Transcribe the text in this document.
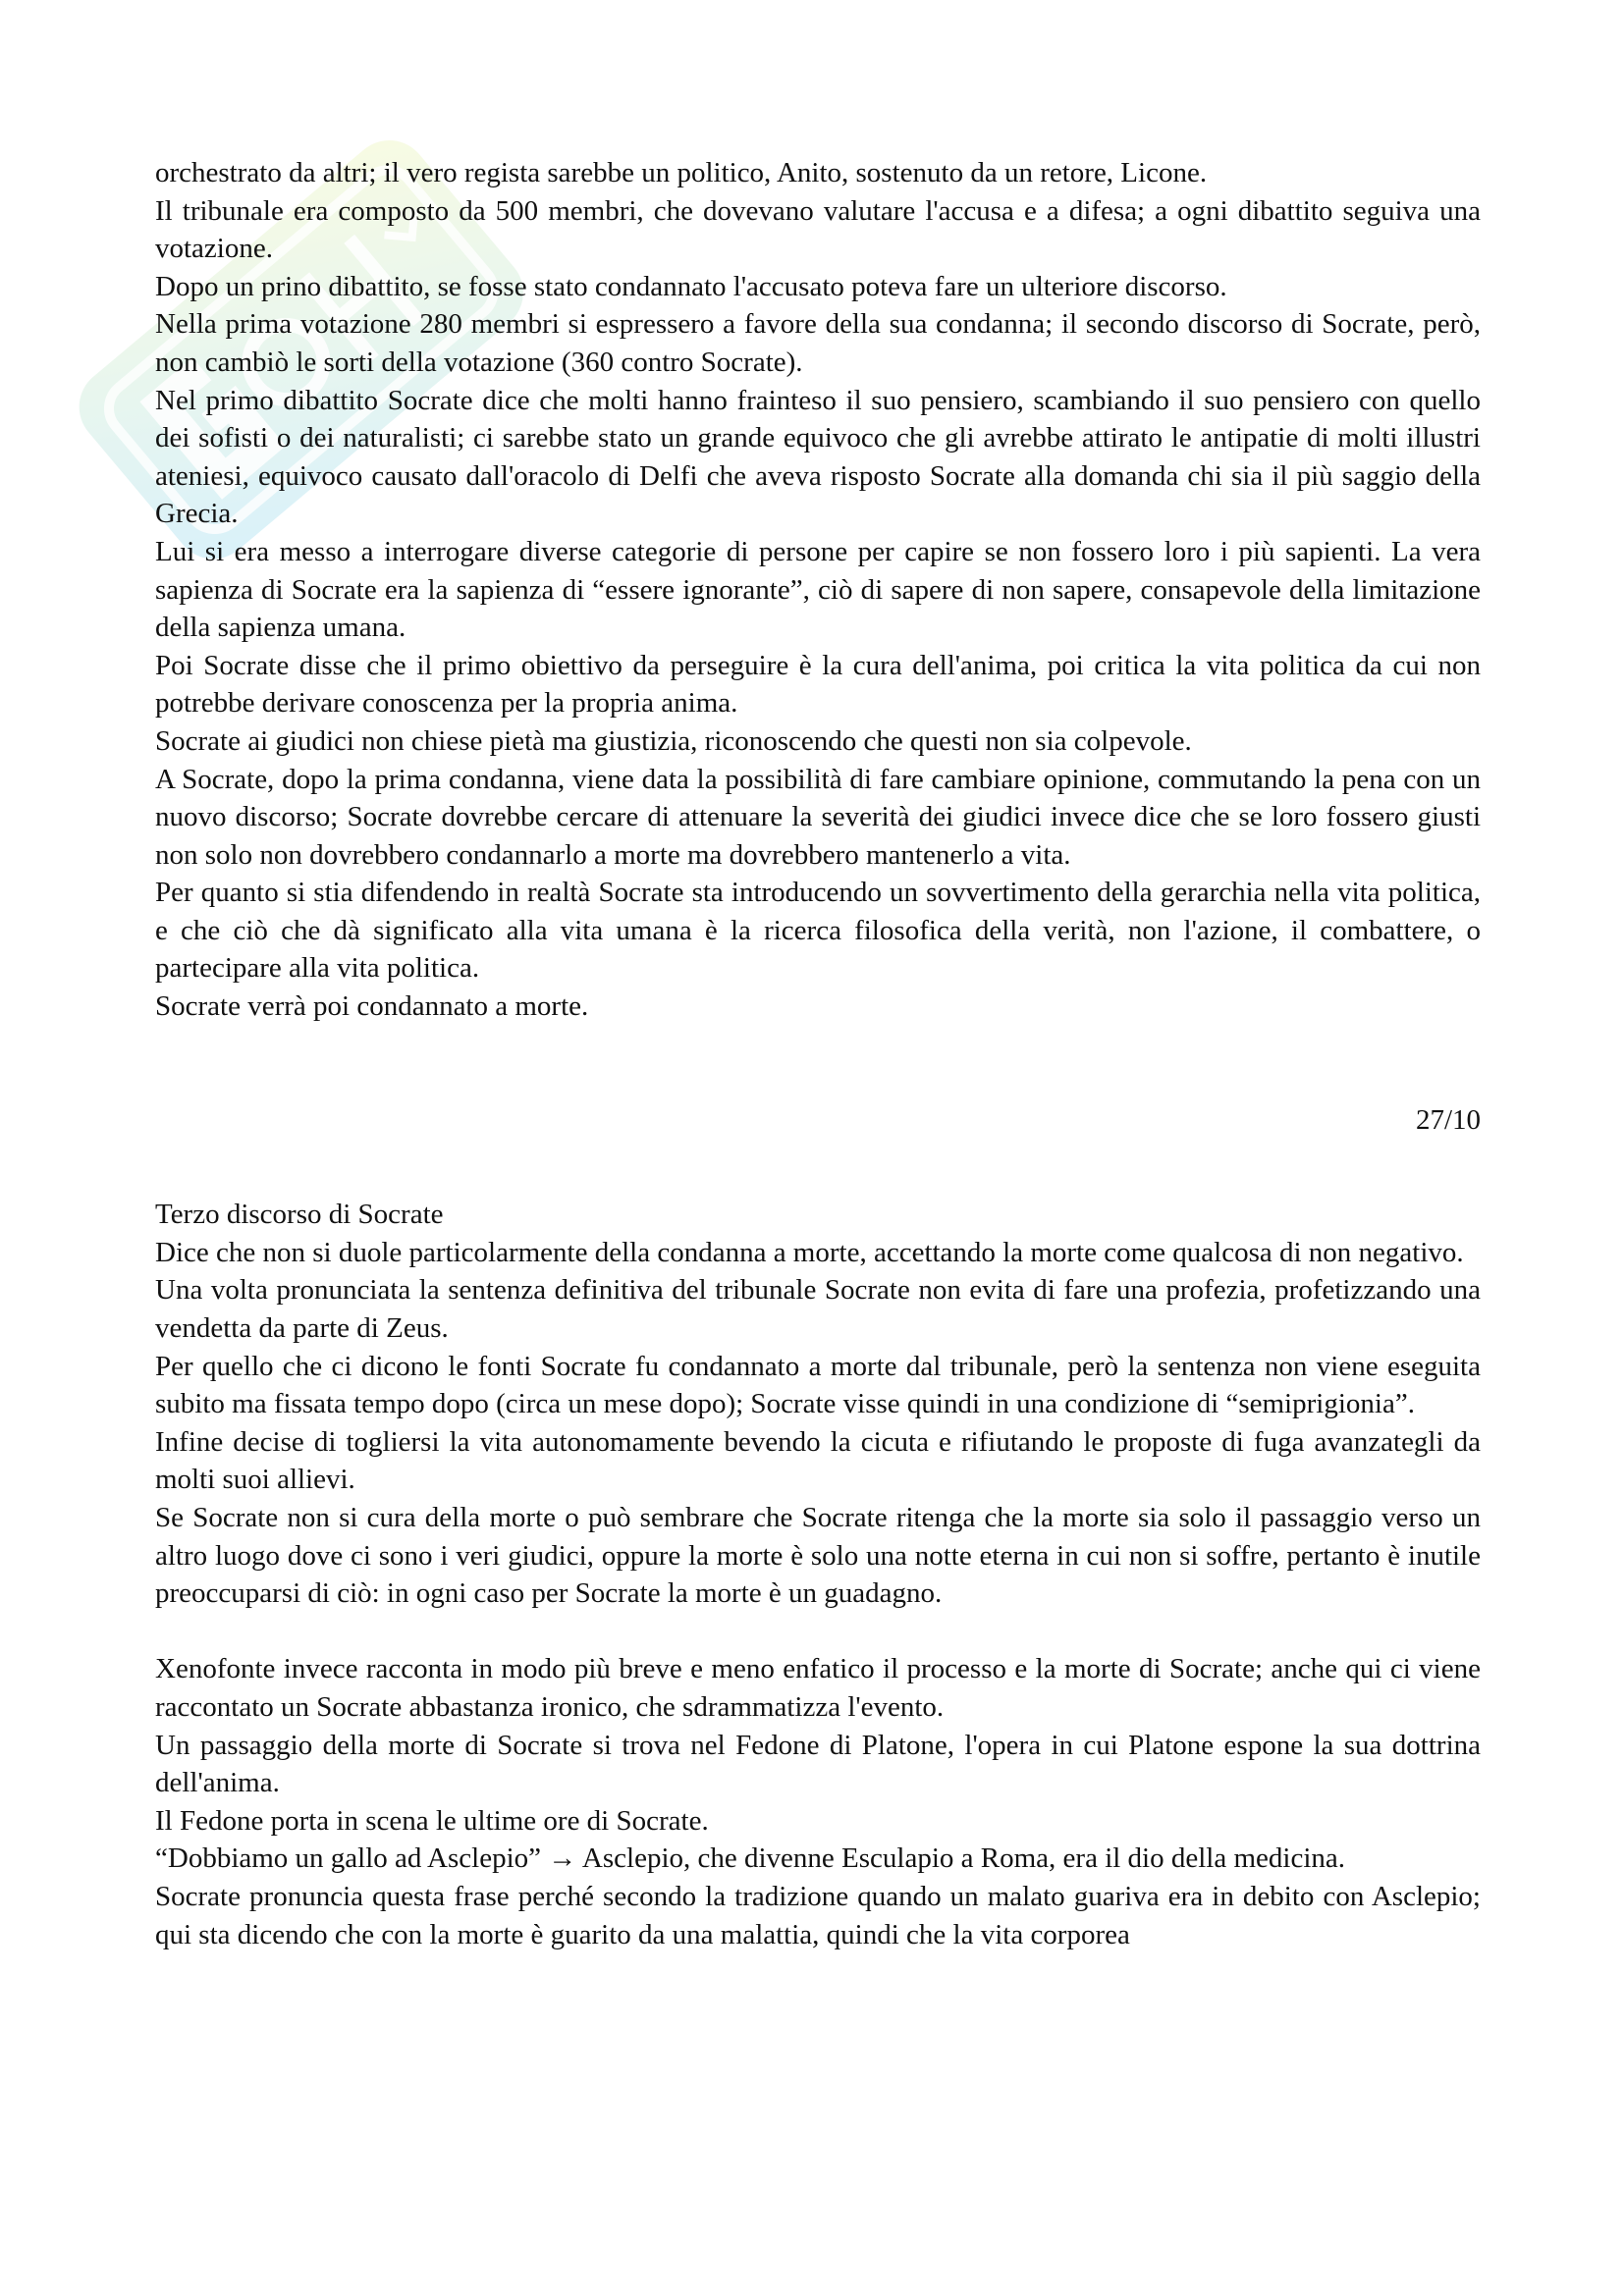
orchestrato da altri; il vero regista sarebbe un politico, Anito, sostenuto da un retore, Licone.

Il tribunale era composto da 500 membri, che dovevano valutare l'accusa e a difesa; a ogni dibattito seguiva una votazione.

Dopo un prino dibattito, se fosse stato condannato l'accusato poteva fare un ulteriore discorso.

Nella prima votazione 280 membri si espressero a favore della sua condanna; il secondo discorso di Socrate, però, non cambiò le sorti della votazione (360 contro Socrate).

Nel primo dibattito Socrate dice che molti hanno frainteso il suo pensiero, scambiando il suo pensiero con quello dei sofisti o dei naturalisti; ci sarebbe stato un grande equivoco che gli avrebbe attirato le antipatie di molti illustri ateniesi, equivoco causato dall'oracolo di Delfi che aveva risposto Socrate alla domanda chi sia il più saggio della Grecia.

Lui si era messo a interrogare diverse categorie di persone per capire se non fossero loro i più sapienti. La vera sapienza di Socrate era la sapienza di “essere ignorante”, ciò di sapere di non sapere, consapevole della limitazione della sapienza umana.

Poi Socrate disse che il primo obiettivo da perseguire è la cura dell'anima, poi critica la vita politica da cui non potrebbe derivare conoscenza per la propria anima.

Socrate ai giudici non chiese pietà ma giustizia, riconoscendo che questi non sia colpevole.

A Socrate, dopo la prima condanna, viene data la possibilità di fare cambiare opinione, commutando la pena con un nuovo discorso; Socrate dovrebbe cercare di attenuare la severità dei giudici invece dice che se loro fossero giusti non solo non dovrebbero condannarlo a morte ma dovrebbero mantenerlo a vita.

Per quanto si stia difendendo in realtà Socrate sta introducendo un sovvertimento della gerarchia nella vita politica, e che ciò che dà significato alla vita umana è la ricerca filosofica della verità, non l'azione, il combattere, o partecipare alla vita politica.

Socrate verrà poi condannato a morte.

27/10

Terzo discorso di Socrate

Dice che non si duole particolarmente della condanna a morte, accettando la morte come qualcosa di non negativo.

Una volta pronunciata la sentenza definitiva del tribunale Socrate non evita di fare una profezia, profetizzando una vendetta da parte di Zeus.

Per quello che ci dicono le fonti Socrate fu condannato a morte dal tribunale, però la sentenza non viene eseguita subito ma fissata tempo dopo (circa un mese dopo); Socrate visse quindi in una condizione di “semiprigionia”.

Infine decise di togliersi la vita autonomamente bevendo la cicuta e rifiutando le proposte di fuga avanzategli da molti suoi allievi.

Se Socrate non si cura della morte o può sembrare che Socrate ritenga che la morte sia solo il passaggio verso un altro luogo dove ci sono i veri giudici, oppure la morte è solo una notte eterna in cui non si soffre, pertanto è inutile preoccuparsi di ciò: in ogni caso per Socrate la morte è un guadagno.

Xenofonte invece racconta in modo più breve e meno enfatico il processo e la morte di Socrate; anche qui ci viene raccontato un Socrate abbastanza ironico, che sdrammatizza l'evento.

Un passaggio della morte di Socrate si trova nel Fedone di Platone, l'opera in cui Platone espone la sua dottrina dell'anima.

Il Fedone porta in scena le ultime ore di Socrate.

“Dobbiamo un gallo ad Asclepio” → Asclepio, che divenne Esculapio a Roma, era il dio della medicina.

Socrate pronuncia questa frase perché secondo la tradizione quando un malato guariva era in debito con Asclepio; qui sta dicendo che con la morte è guarito da una malattia, quindi che la vita corporea
